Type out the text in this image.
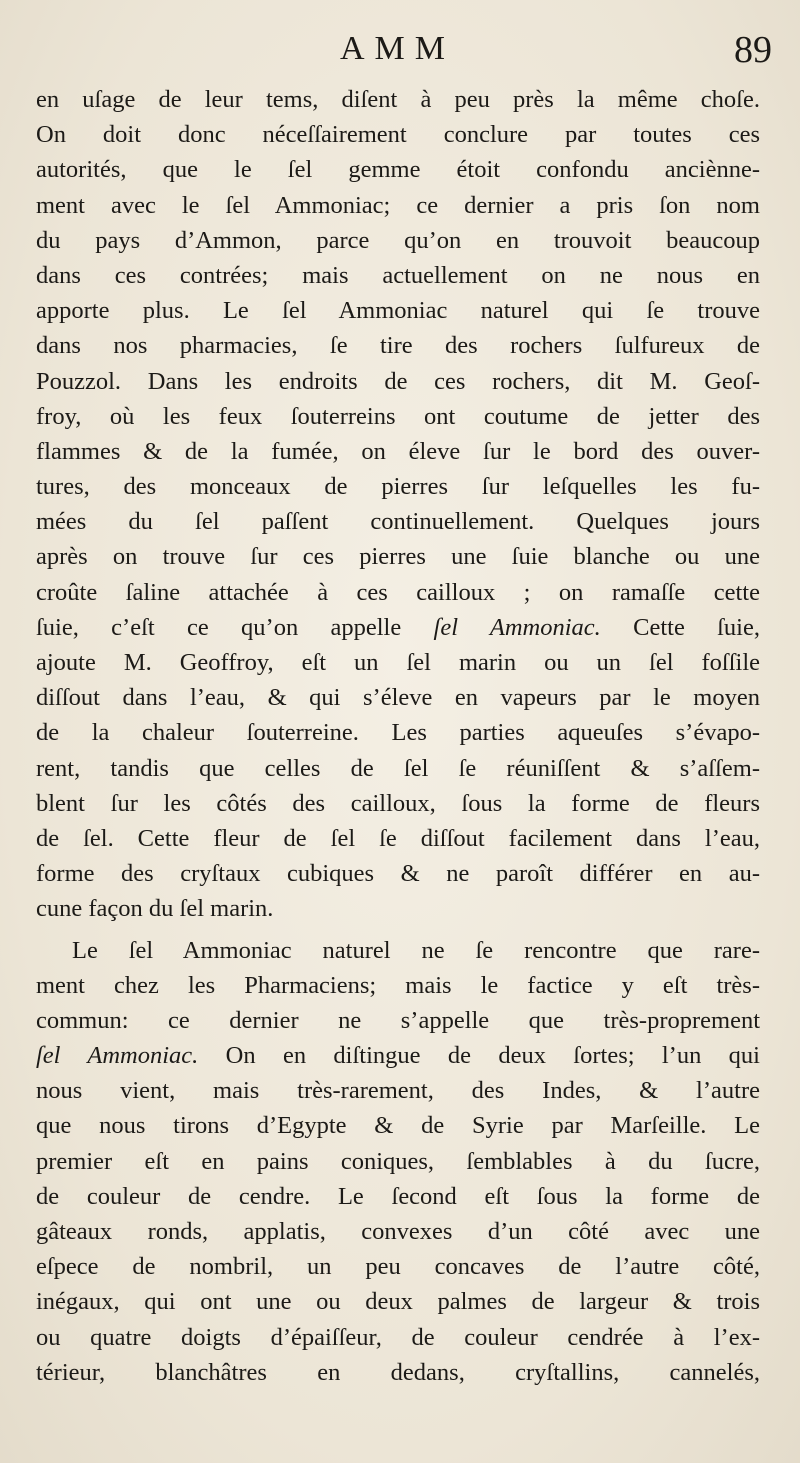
AMM	89
en uſage de leur tems, diſent à peu près la même choſe.
On doit donc néceſſairement conclure par toutes ces
autorités, que le ſel gemme étoit confondu anciènne-
ment avec le ſel Ammoniac; ce dernier a pris ſon nom
du pays d’Ammon, parce qu’on en trouvoit beaucoup
dans ces contrées; mais actuellement on ne nous en
apporte plus. Le ſel Ammoniac naturel qui ſe trouve
dans nos pharmacies, ſe tire des rochers ſulfureux de
Pouzzol. Dans les endroits de ces rochers, dit M. Geoſ-
froy, où les feux ſouterreins ont coutume de jetter des
flammes & de la fumée, on éleve ſur le bord des ouver-
tures, des monceaux de pierres ſur leſquelles les fu-
mées du ſel paſſent continuellement. Quelques jours
après on trouve ſur ces pierres une ſuie blanche ou une
croûte ſaline attachée à ces cailloux ; on ramaſſe cette
ſuie, c’eſt ce qu’on appelle ſel Ammoniac. Cette ſuie,
ajoute M. Geoffroy, eſt un ſel marin ou un ſel foſſile
diſſout dans l’eau, & qui s’éleve en vapeurs par le moyen
de la chaleur ſouterreine. Les parties aqueuſes s’évapo-
rent, tandis que celles de ſel ſe réuniſſent & s’aſſem-
blent ſur les côtés des cailloux, ſous la forme de fleurs
de ſel. Cette fleur de ſel ſe diſſout facilement dans l’eau,
forme des cryſtaux cubiques & ne paroît différer en au-
cune façon du ſel marin.
Le ſel Ammoniac naturel ne ſe rencontre que rare-
ment chez les Pharmaciens; mais le factice y eſt très-
commun: ce dernier ne s’appelle que très-proprement
ſel Ammoniac. On en diſtingue de deux ſortes; l’un qui
nous vient, mais très-rarement, des Indes, & l’autre
que nous tirons d’Egypte & de Syrie par Marſeille. Le
premier eſt en pains coniques, ſemblables à du ſucre,
de couleur de cendre. Le ſecond eſt ſous la forme de
gâteaux ronds, applatis, convexes d’un côté avec une
eſpece de nombril, un peu concaves de l’autre côté,
inégaux, qui ont une ou deux palmes de largeur & trois
ou quatre doigts d’épaiſſeur, de couleur cendrée à l’ex-
térieur, blanchâtres en dedans, cryſtallins, cannelés,
